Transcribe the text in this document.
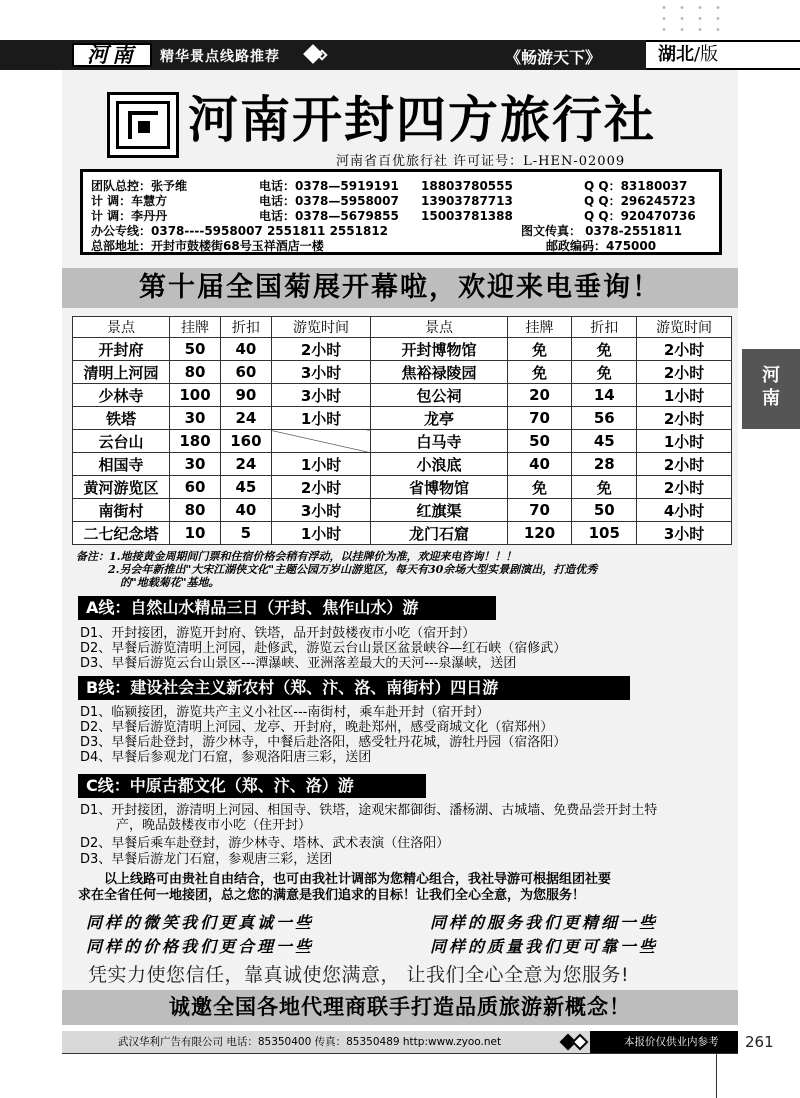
河南	精华景点线路推荐	《畅游天下》	湖北/版
河南开封四方旅行社
河南省百优旅行社 许可证号：L-HEN-02009
团队总控：张予维	电话：0378—5919191 18803780555	Q Q：83180037
计 调：车慧方	电话：0378—5958007 13903787713	Q Q：296245723
计 调：李丹丹	电话：0378—5679855 15003781388	Q Q：920470736
办公专线：0378----5958007 2551811 2551812	图文传真： 0378-2551811
总部地址：开封市鼓楼街68号玉祥酒店一楼	邮政编码：475000
第十届全国菊展开幕啦，欢迎来电垂询！
景点	挂牌	折扣	游览时间	景点	挂牌	折扣	游览时间
开封府	50	40	2小时	开封博物馆	免	免	2小时
清明上河园	80	60	3小时	焦裕禄陵园	免	免	2小时
少林寺	100	90	3小时	包公祠	20	14	1小时
铁塔	30	24	1小时	龙亭	70	56	2小时
云台山	180	160		白马寺	50	45	1小时
相国寺	30	24	1小时	小浪底	40	28	2小时
黄河游览区	60	45	2小时	省博物馆	免	免	2小时
南街村	80	40	3小时	红旗渠	70	50	4小时
二七纪念塔	10	5	1小时	龙门石窟	120	105	3小时
备注：1.地接黄金周期间门票和住宿价格会稍有浮动，以挂牌价为准，欢迎来电咨询！！！
2.另会年新推出"大宋江湖侠文化"主题公园万岁山游览区，每天有30余场大型实景剧演出，打造优秀
的"地载菊花"基地。
A线：自然山水精品三日（开封、焦作山水）游
D1、开封接团，游览开封府、铁塔，品开封鼓楼夜市小吃（宿开封）
D2、早餐后游览清明上河园，赴修武，游览云台山景区盆景峡谷—红石峡（宿修武）
D3、早餐后游览云台山景区---潭瀑峡、亚洲落差最大的天河---泉瀑峡，送团
B线：建设社会主义新农村（郑、汴、洛、南街村）四日游
D1、临颍接团，游览共产主义小社区---南街村，乘车赴开封（宿开封）
D2、早餐后游览清明上河园、龙亭、开封府，晚赴郑州，感受商城文化（宿郑州）
D3、早餐后赴登封，游少林寺，中餐后赴洛阳，感受牡丹花城，游牡丹园（宿洛阳）
D4、早餐后参观龙门石窟，参观洛阳唐三彩，送团
C线：中原古都文化（郑、汴、洛）游
D1、开封接团，游清明上河园、相国寺、铁塔，途观宋都御街、潘杨湖、古城墙、免费品尝开封土特
产，晚品鼓楼夜市小吃（住开封）
D2、早餐后乘车赴登封，游少林寺、塔林、武术表演（住洛阳）
D3、早餐后游龙门石窟，参观唐三彩，送团
以上线路可由贵社自由结合，也可由我社计调部为您精心组合，我社导游可根据组团社要
求在全省任何一地接团，总之您的满意是我们追求的目标！让我们全心全意，为您服务！
同样的微笑我们更真诚一些	同样的服务我们更精细一些
同样的价格我们更合理一些	同样的质量我们更可靠一些
凭实力使您信任，靠真诚使您满意， 让我们全心全意为您服务!
诚邀全国各地代理商联手打造品质旅游新概念！
河
南
武汉华利广告有限公司 电话：85350400 传真：85350489 http:www.zyoo.net	本报价仅供业内参考	261
